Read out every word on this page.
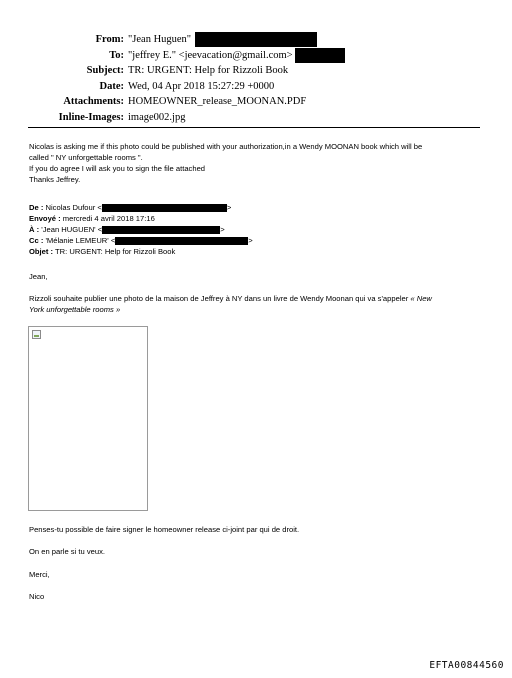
From: "Jean Huguen"
To: "jeffrey E." <jeevacation@gmail.com>
Subject: TR: URGENT: Help for Rizzoli Book
Date: Wed, 04 Apr 2018 15:27:29 +0000
Attachments: HOMEOWNER_release_MOONAN.PDF
Inline-Images: image002.jpg
Nicolas is asking me if this photo could be published with your authorization,in a Wendy MOONAN book which will be
called " NY unforgettable rooms ".
If you do agree I will ask you to sign the file attached
Thanks Jeffrey.
De : Nicolas Dufour <	>
Envoyé : mercredi 4 avril 2018 17:16
À : 'Jean HUGUEN' <	>
Cc : 'Mélanie LEMEUR' <	>
Objet : TR: URGENT: Help for Rizzoli Book
Jean,
Rizzoli souhaite publier une photo de la maison de Jeffrey à NY dans un livre de Wendy Moonan qui va s'appeler « New
York unforgettable rooms »
Penses-tu possible de faire signer le homeowner release ci-joint par qui de droit.
On en parle si tu veux.
Merci,
Nico
EFTA00844560
